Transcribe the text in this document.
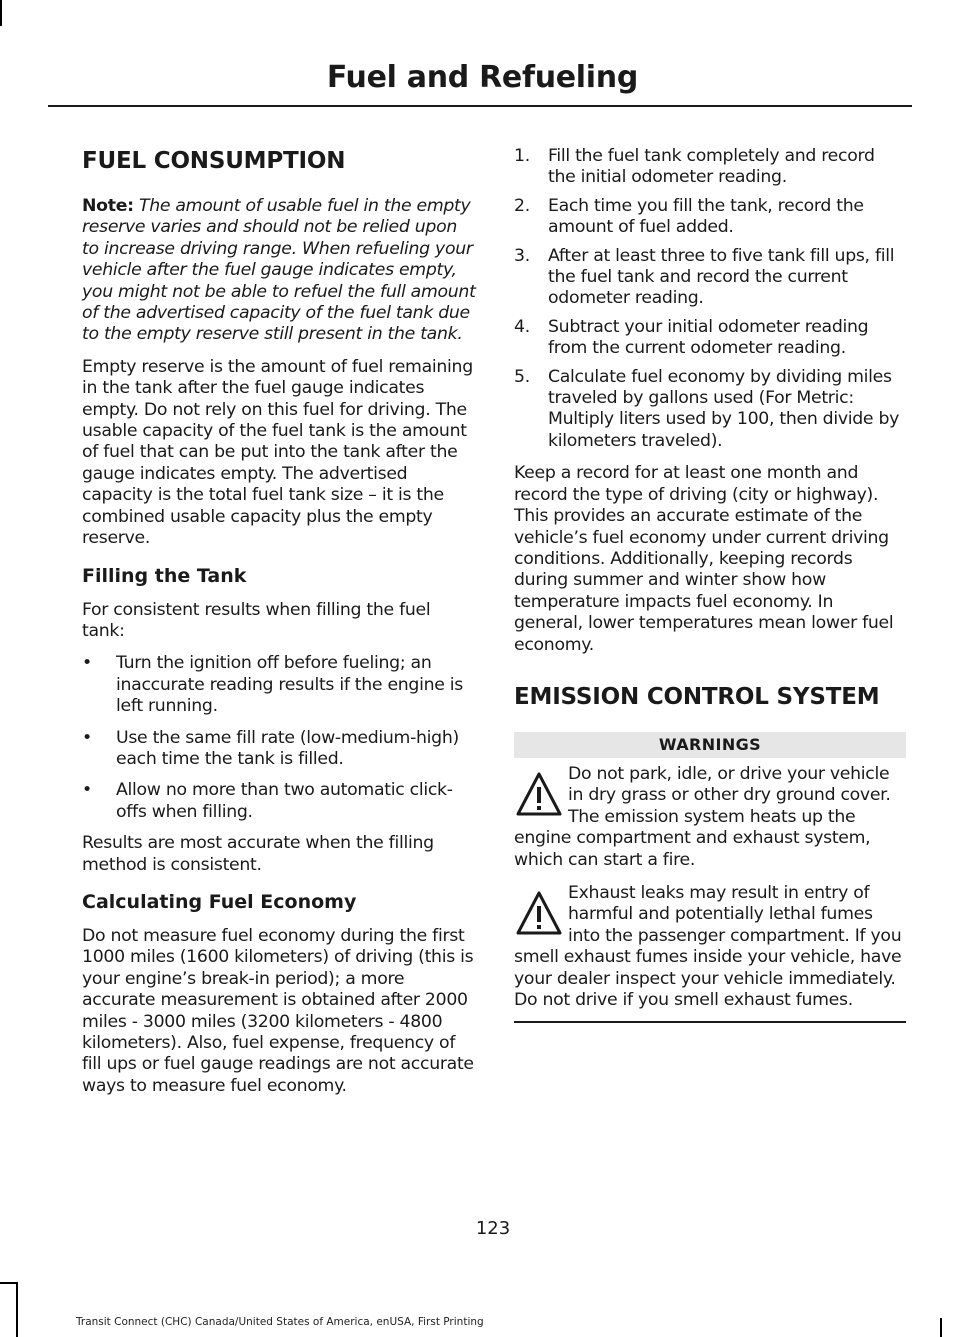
Fuel and Refueling
FUEL CONSUMPTION

Note: The amount of usable fuel in the empty reserve varies and should not be relied upon to increase driving range. When refueling your vehicle after the fuel gauge indicates empty, you might not be able to refuel the full amount of the advertised capacity of the fuel tank due to the empty reserve still present in the tank.

Empty reserve is the amount of fuel remaining in the tank after the fuel gauge indicates empty. Do not rely on this fuel for driving. The usable capacity of the fuel tank is the amount of fuel that can be put into the tank after the gauge indicates empty. The advertised capacity is the total fuel tank size – it is the combined usable capacity plus the empty reserve.

Filling the Tank

For consistent results when filling the fuel tank:

• Turn the ignition off before fueling; an inaccurate reading results if the engine is left running.
• Use the same fill rate (low-medium-high) each time the tank is filled.
• Allow no more than two automatic click-offs when filling.

Results are most accurate when the filling method is consistent.

Calculating Fuel Economy

Do not measure fuel economy during the first 1000 miles (1600 kilometers) of driving (this is your engine’s break-in period); a more accurate measurement is obtained after 2000 miles - 3000 miles (3200 kilometers - 4800 kilometers). Also, fuel expense, frequency of fill ups or fuel gauge readings are not accurate ways to measure fuel economy.

1. Fill the fuel tank completely and record the initial odometer reading.
2. Each time you fill the tank, record the amount of fuel added.
3. After at least three to five tank fill ups, fill the fuel tank and record the current odometer reading.
4. Subtract your initial odometer reading from the current odometer reading.
5. Calculate fuel economy by dividing miles traveled by gallons used (For Metric: Multiply liters used by 100, then divide by kilometers traveled).

Keep a record for at least one month and record the type of driving (city or highway). This provides an accurate estimate of the vehicle’s fuel economy under current driving conditions. Additionally, keeping records during summer and winter show how temperature impacts fuel economy. In general, lower temperatures mean lower fuel economy.

EMISSION CONTROL SYSTEM
WARNINGS
Do not park, idle, or drive your vehicle in dry grass or other dry ground cover. The emission system heats up the engine compartment and exhaust system, which can start a fire.
Exhaust leaks may result in entry of harmful and potentially lethal fumes into the passenger compartment. If you smell exhaust fumes inside your vehicle, have your dealer inspect your vehicle immediately. Do not drive if you smell exhaust fumes.
123
Transit Connect (CHC) Canada/United States of America, enUSA, First Printing
